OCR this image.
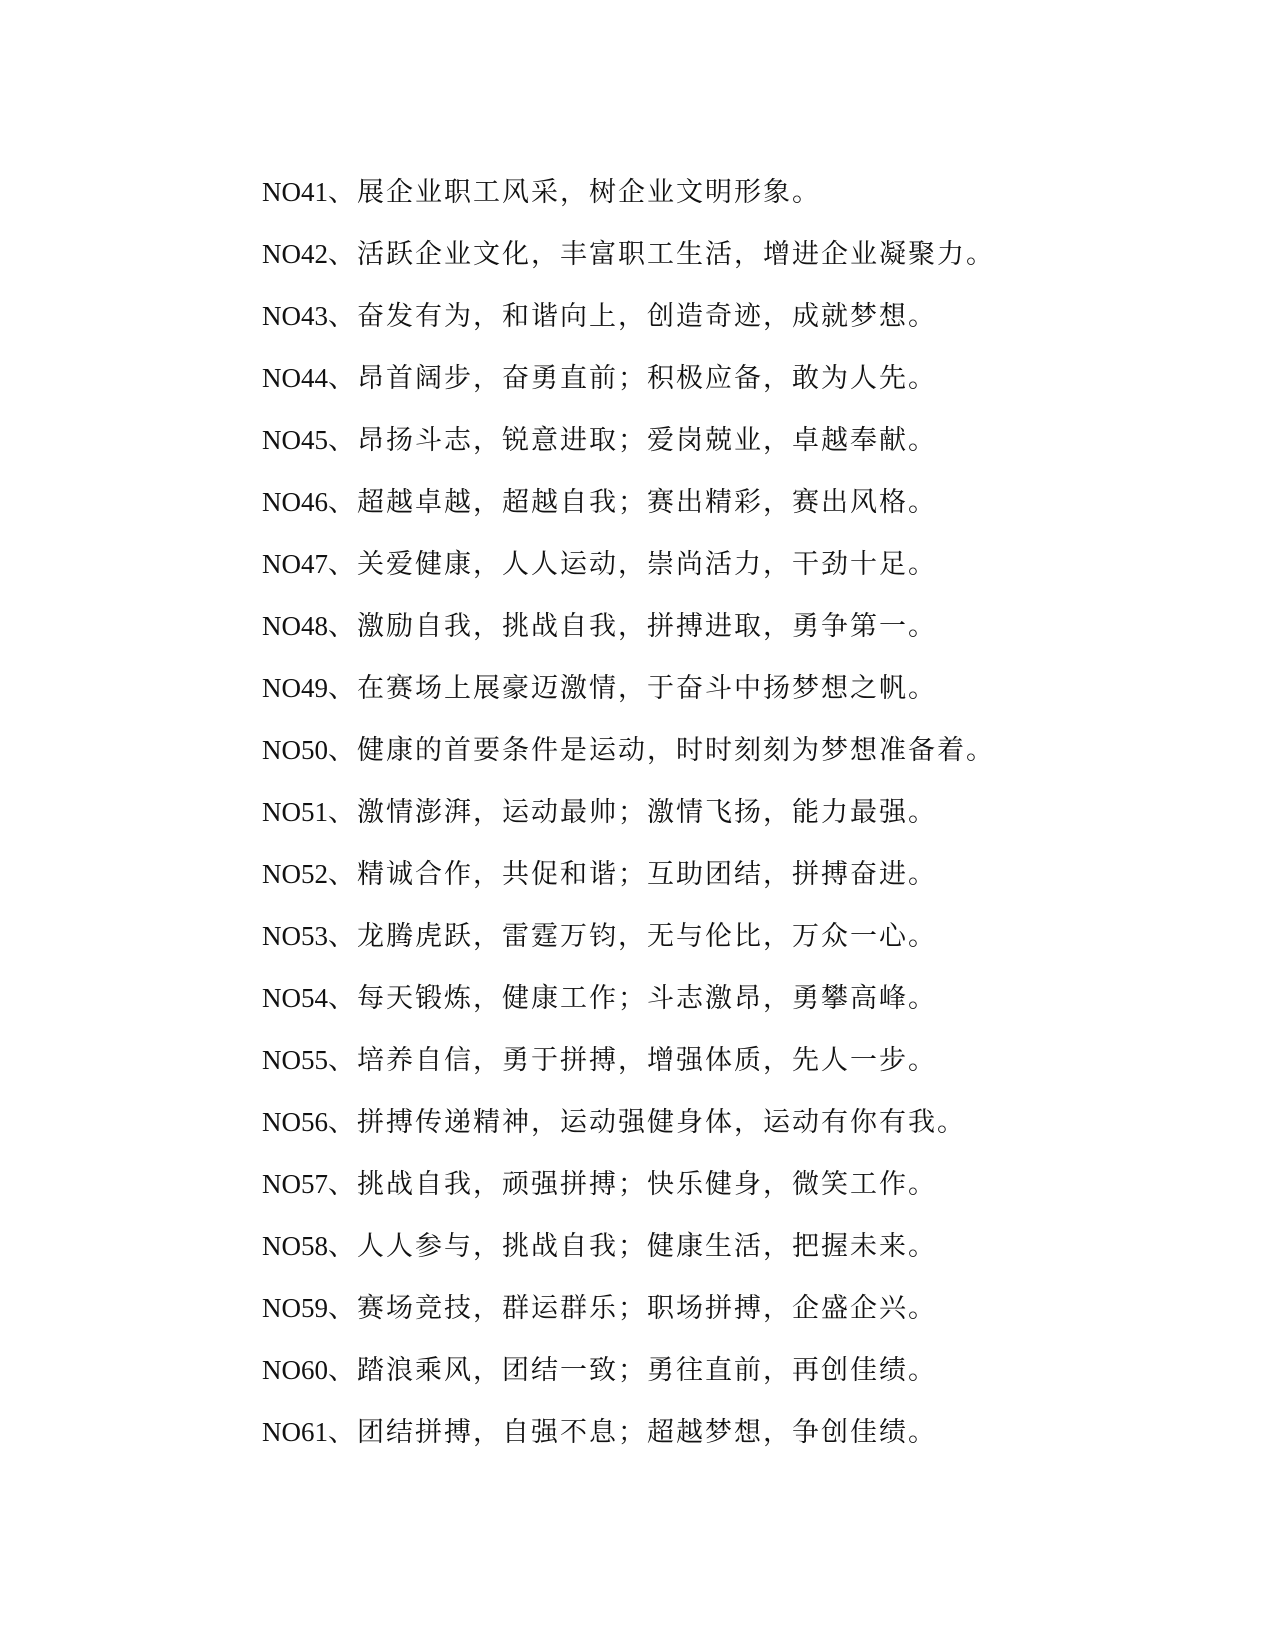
NO41、展企业职工风采，树企业文明形象。
NO42、活跃企业文化，丰富职工生活，增进企业凝聚力。
NO43、奋发有为，和谐向上，创造奇迹，成就梦想。
NO44、昂首阔步，奋勇直前；积极应备，敢为人先。
NO45、昂扬斗志，锐意进取；爱岗兢业，卓越奉献。
NO46、超越卓越，超越自我；赛出精彩，赛出风格。
NO47、关爱健康，人人运动，崇尚活力，干劲十足。
NO48、激励自我，挑战自我，拼搏进取，勇争第一。
NO49、在赛场上展豪迈激情，于奋斗中扬梦想之帆。
NO50、健康的首要条件是运动，时时刻刻为梦想准备着。
NO51、激情澎湃，运动最帅；激情飞扬，能力最强。
NO52、精诚合作，共促和谐；互助团结，拼搏奋进。
NO53、龙腾虎跃，雷霆万钧，无与伦比，万众一心。
NO54、每天锻炼，健康工作；斗志激昂，勇攀高峰。
NO55、培养自信，勇于拼搏，增强体质，先人一步。
NO56、拼搏传递精神，运动强健身体，运动有你有我。
NO57、挑战自我，顽强拼搏；快乐健身，微笑工作。
NO58、人人参与，挑战自我；健康生活，把握未来。
NO59、赛场竞技，群运群乐；职场拼搏，企盛企兴。
NO60、踏浪乘风，团结一致；勇往直前，再创佳绩。
NO61、团结拼搏，自强不息；超越梦想，争创佳绩。
